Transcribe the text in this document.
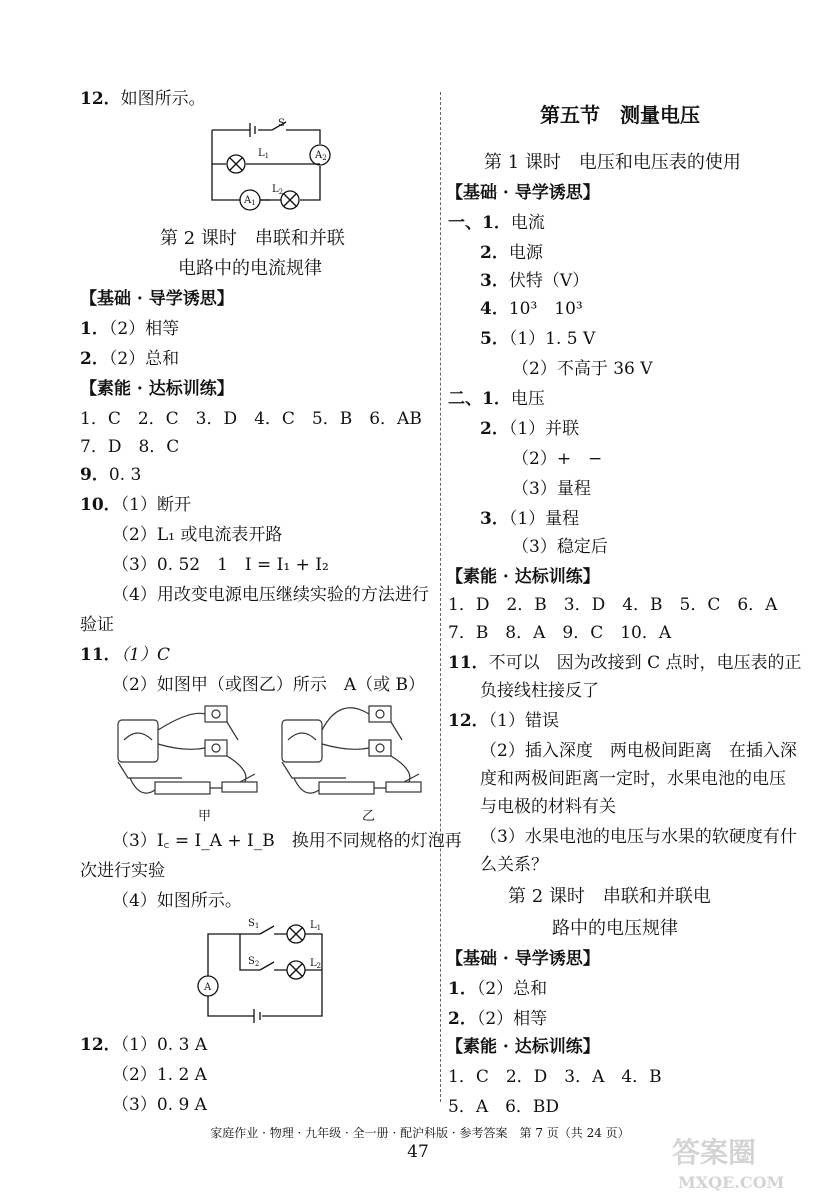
12．如图所示。
S
$L_1$	$A_2$
$A_1$
$L_2$
第 2 课时　串联和并联
电路中的电流规律
【基础 · 导学诱思】
1．（2）相等
2．（2）总和
【素能 · 达标训练】
1．C　2．C　3．D　4．C　5．B　6．AB
7．D　8．C
9．0. 3
10．（1）断开
（2）L₁ 或电流表开路
（3）0. 52　1　I = I₁ + I₂
（4）用改变电源电压继续实验的方法进行
验证
11．（1）C
（2）如图甲（或图乙）所示　A（或 B）
甲	乙
（3）I꜀ = I_A + I_B　换用不同规格的灯泡再
次进行实验
（4）如图所示。
$S_1$	$L_1$
$S_2$	$L_2$
A
12．（1）0. 3 A
（2）1. 2 A
（3）0. 9 A
第五节　测量电压
第 1 课时　电压和电压表的使用
【基础 · 导学诱思】
一、1．电流
2．电源
3．伏特（V）
4．10³　10³
5．（1）1. 5 V
（2）不高于 36 V
二、1．电压
2．（1）并联
（2）+　−
（3）量程
3．（1）量程
（3）稳定后
【素能 · 达标训练】
1．D　2．B　3．D　4．B　5．C　6．A
7．B　8．A　9．C　10．A
11．不可以　因为改接到 C 点时，电压表的正
负接线柱接反了
12．（1）错误
（2）插入深度　两电极间距离　在插入深
度和两极间距离一定时，水果电池的电压
与电极的材料有关
（3）水果电池的电压与水果的软硬度有什
么关系？
第 2 课时　串联和并联电
路中的电压规律
【基础 · 导学诱思】
1．（2）总和
2．（2）相等
【素能 · 达标训练】
1．C　2．D　3．A　4．B
5．A　6．BD
家庭作业 · 物理 · 九年级 · 全一册 · 配沪科版 · 参考答案　第 7 页（共 24 页）
47	答案圈
MXQE.COM
